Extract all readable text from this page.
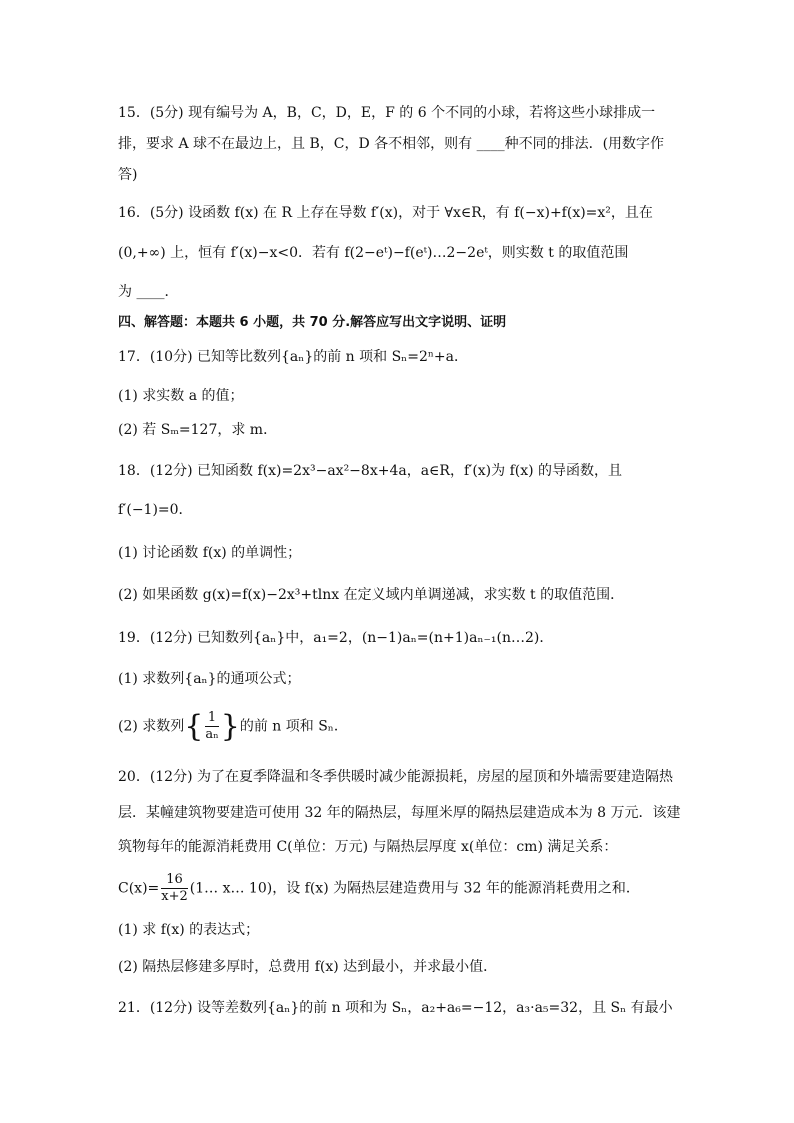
15．(5分) 现有编号为 A，B，C，D，E，F 的 6 个不同的小球，若将这些小球排成一
排，要求 A 球不在最边上，且 B，C，D 各不相邻，则有 ____种不同的排法．(用数字作
答)
16．(5分) 设函数 f(x) 在 R 上存在导数 f′(x)，对于 ∀x∈R，有 f(−x)+f(x)=x²，且在
(0,+∞) 上，恒有 f′(x)−x<0．若有 f(2−eᵗ)−f(eᵗ)…2−2eᵗ，则实数 t 的取值范围
为 ____．
四、解答题：本题共 6 小题，共 70 分.解答应写出文字说明、证明
17．(10分) 已知等比数列{aₙ}的前 n 项和 Sₙ=2ⁿ+a．
(1) 求实数 a 的值；
(2) 若 Sₘ=127，求 m．
18．(12分) 已知函数 f(x)=2x³−ax²−8x+4a，a∈R，f′(x)为 f(x) 的导函数，且
f′(−1)=0．
(1) 讨论函数 f(x) 的单调性；
(2) 如果函数 g(x)=f(x)−2x³+tlnx 在定义域内单调递减，求实数 t 的取值范围．
19．(12分) 已知数列{aₙ}中，a₁=2，(n−1)aₙ=(n+1)aₙ₋₁(n…2)．
(1) 求数列{aₙ}的通项公式；
(2) 求数列{ $\frac{1}{\text{aₙ}}$ }的前 n 项和 Sₙ．
20．(12分) 为了在夏季降温和冬季供暖时减少能源损耗，房屋的屋顶和外墙需要建造隔热
层．某幢建筑物要建造可使用 32 年的隔热层，每厘米厚的隔热层建造成本为 8 万元．该建
筑物每年的能源消耗费用 C(单位：万元) 与隔热层厚度 x(单位：cm) 满足关系：
$C(x)= \frac{16}{x+2}$ (1… x… 10)，设 f(x) 为隔热层建造费用与 32 年的能源消耗费用之和．
(1) 求 f(x) 的表达式；
(2) 隔热层修建多厚时，总费用 f(x) 达到最小，并求最小值．
21．(12分) 设等差数列{aₙ}的前 n 项和为 Sₙ，a₂+a₆=−12，a₃·a₅=32，且 Sₙ 有最小
